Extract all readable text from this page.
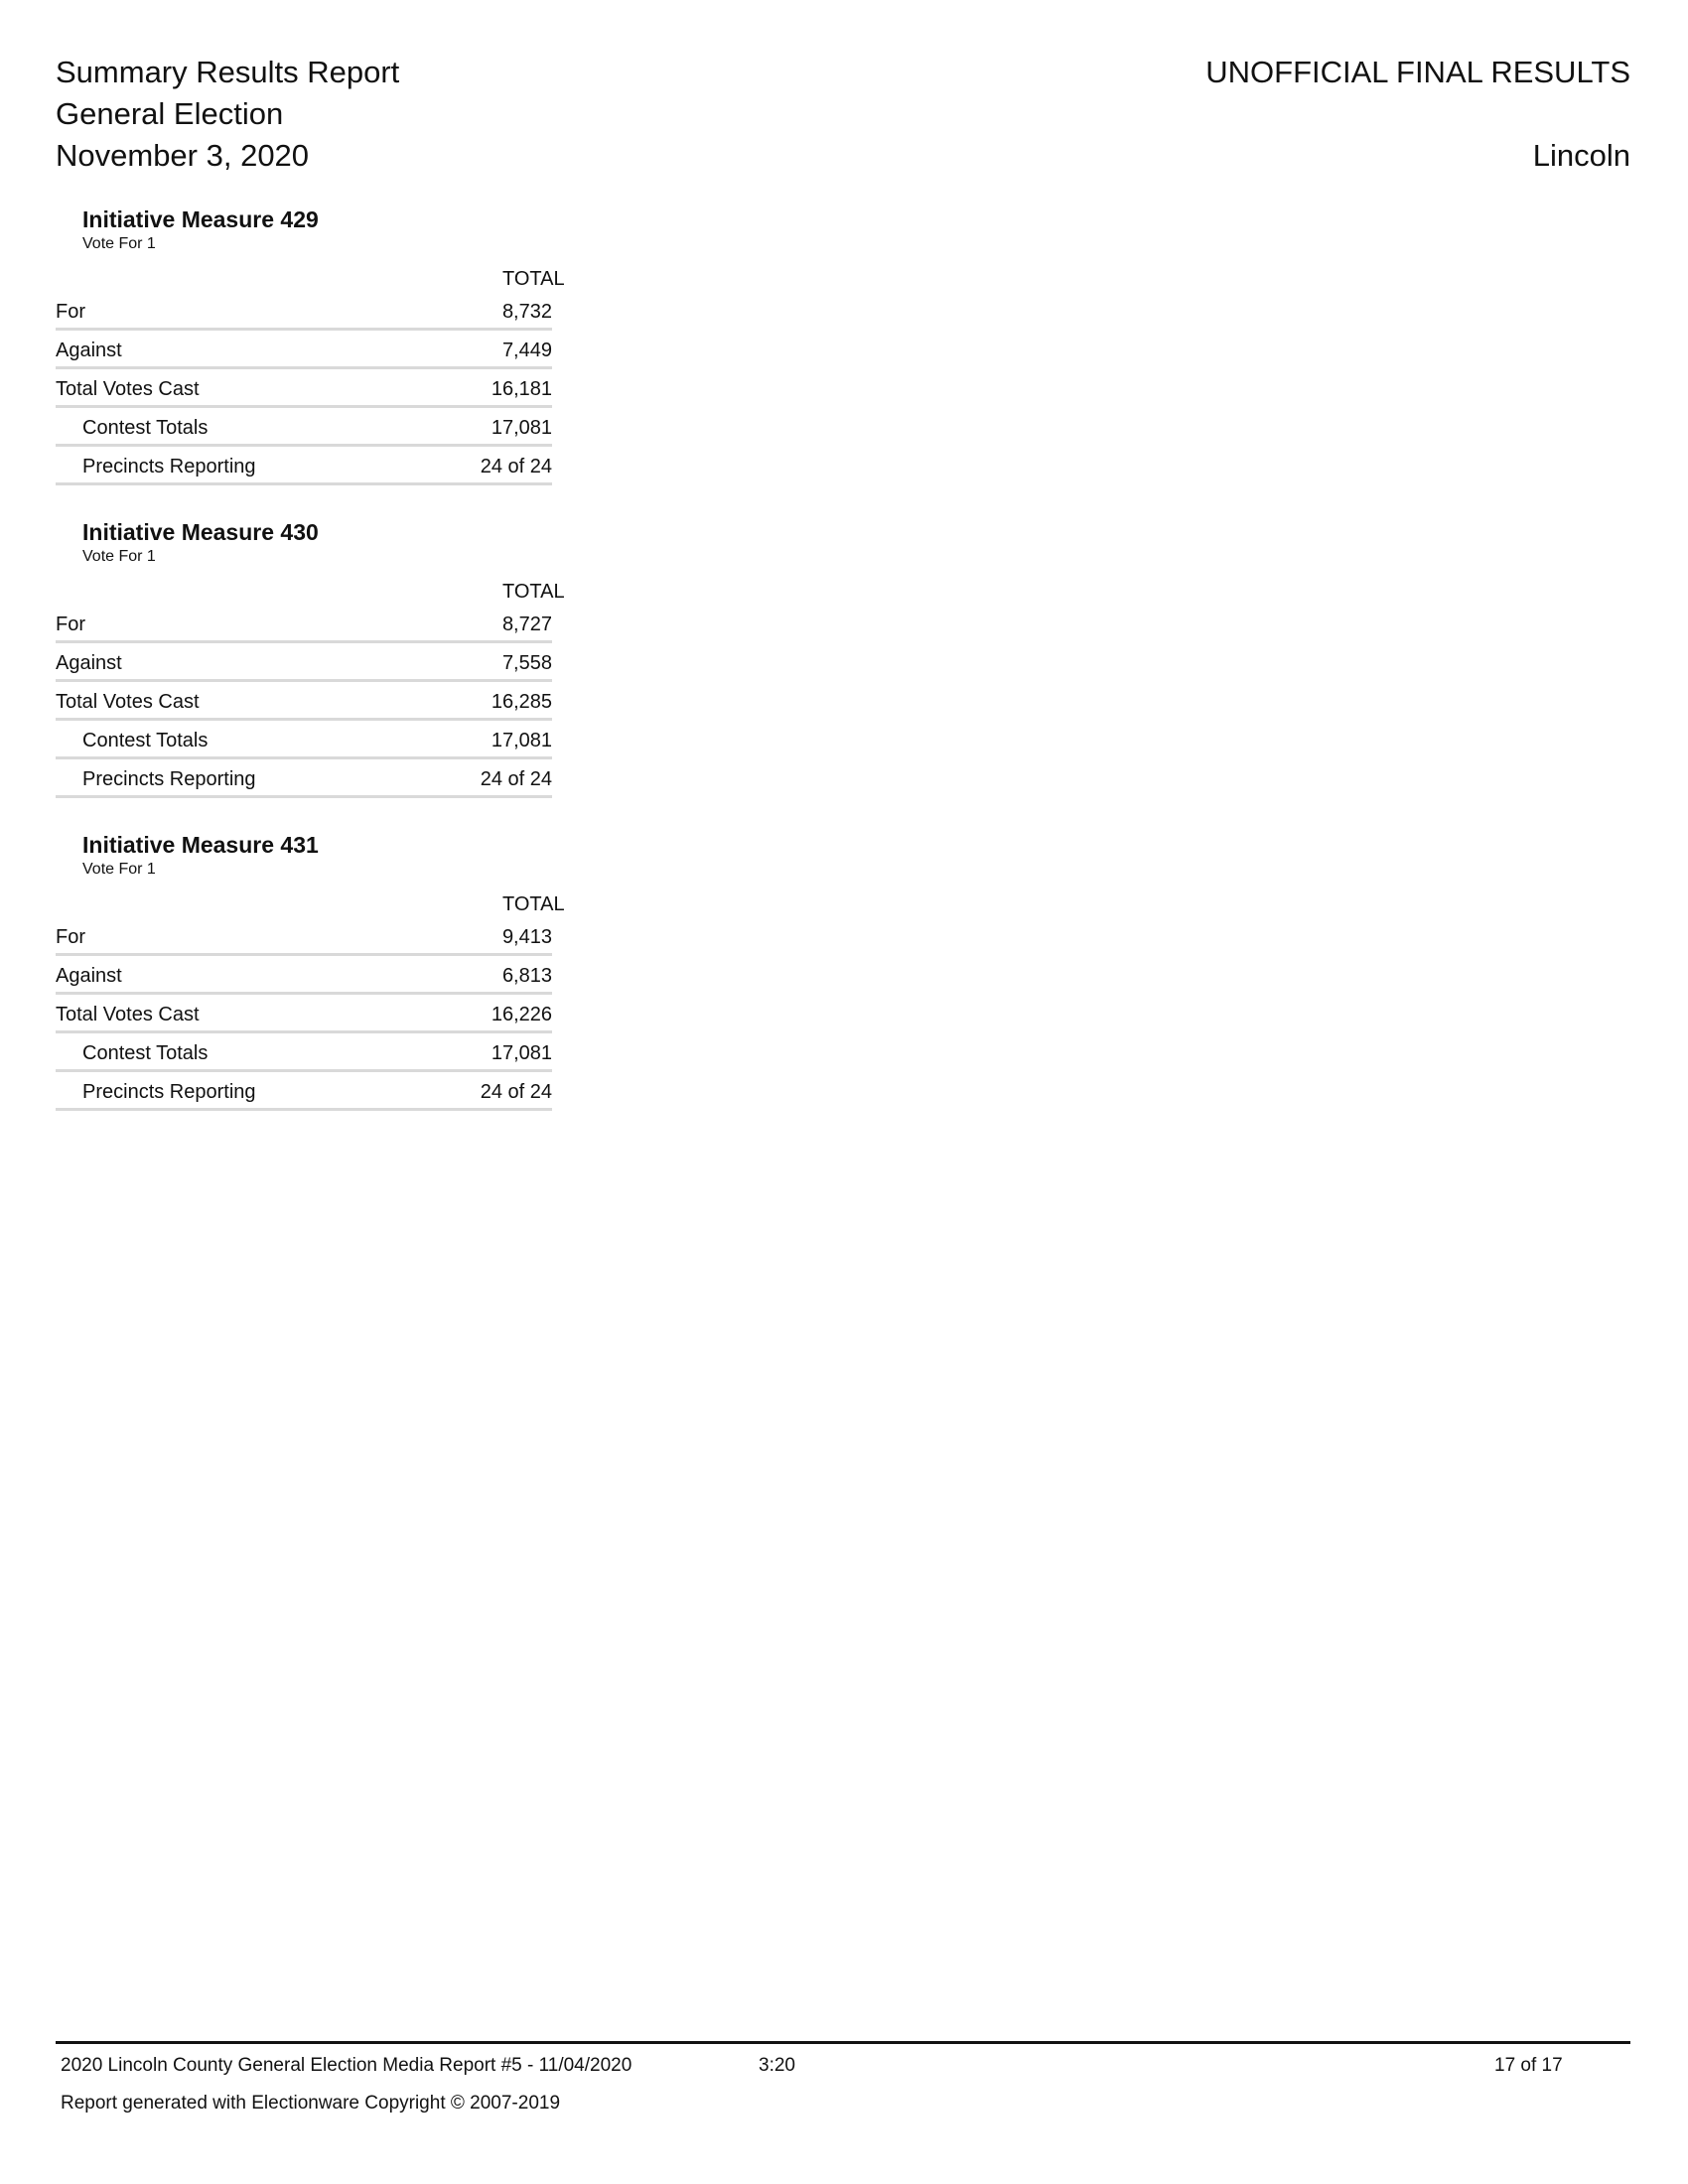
Summary Results Report
General Election
November 3, 2020
UNOFFICIAL FINAL RESULTS
Lincoln
Initiative Measure 429
Vote For 1
TOTAL
For	8,732
Against	7,449
Total Votes Cast	16,181
Contest Totals	17,081
Precincts Reporting	24 of 24
Initiative Measure 430
Vote For 1
TOTAL
For	8,727
Against	7,558
Total Votes Cast	16,285
Contest Totals	17,081
Precincts Reporting	24 of 24
Initiative Measure 431
Vote For 1
TOTAL
For	9,413
Against	6,813
Total Votes Cast	16,226
Contest Totals	17,081
Precincts Reporting	24 of 24
2020 Lincoln County General Election Media Report #5 - 11/04/2020	3:20	17 of 17
Report generated with Electionware Copyright © 2007-2019
